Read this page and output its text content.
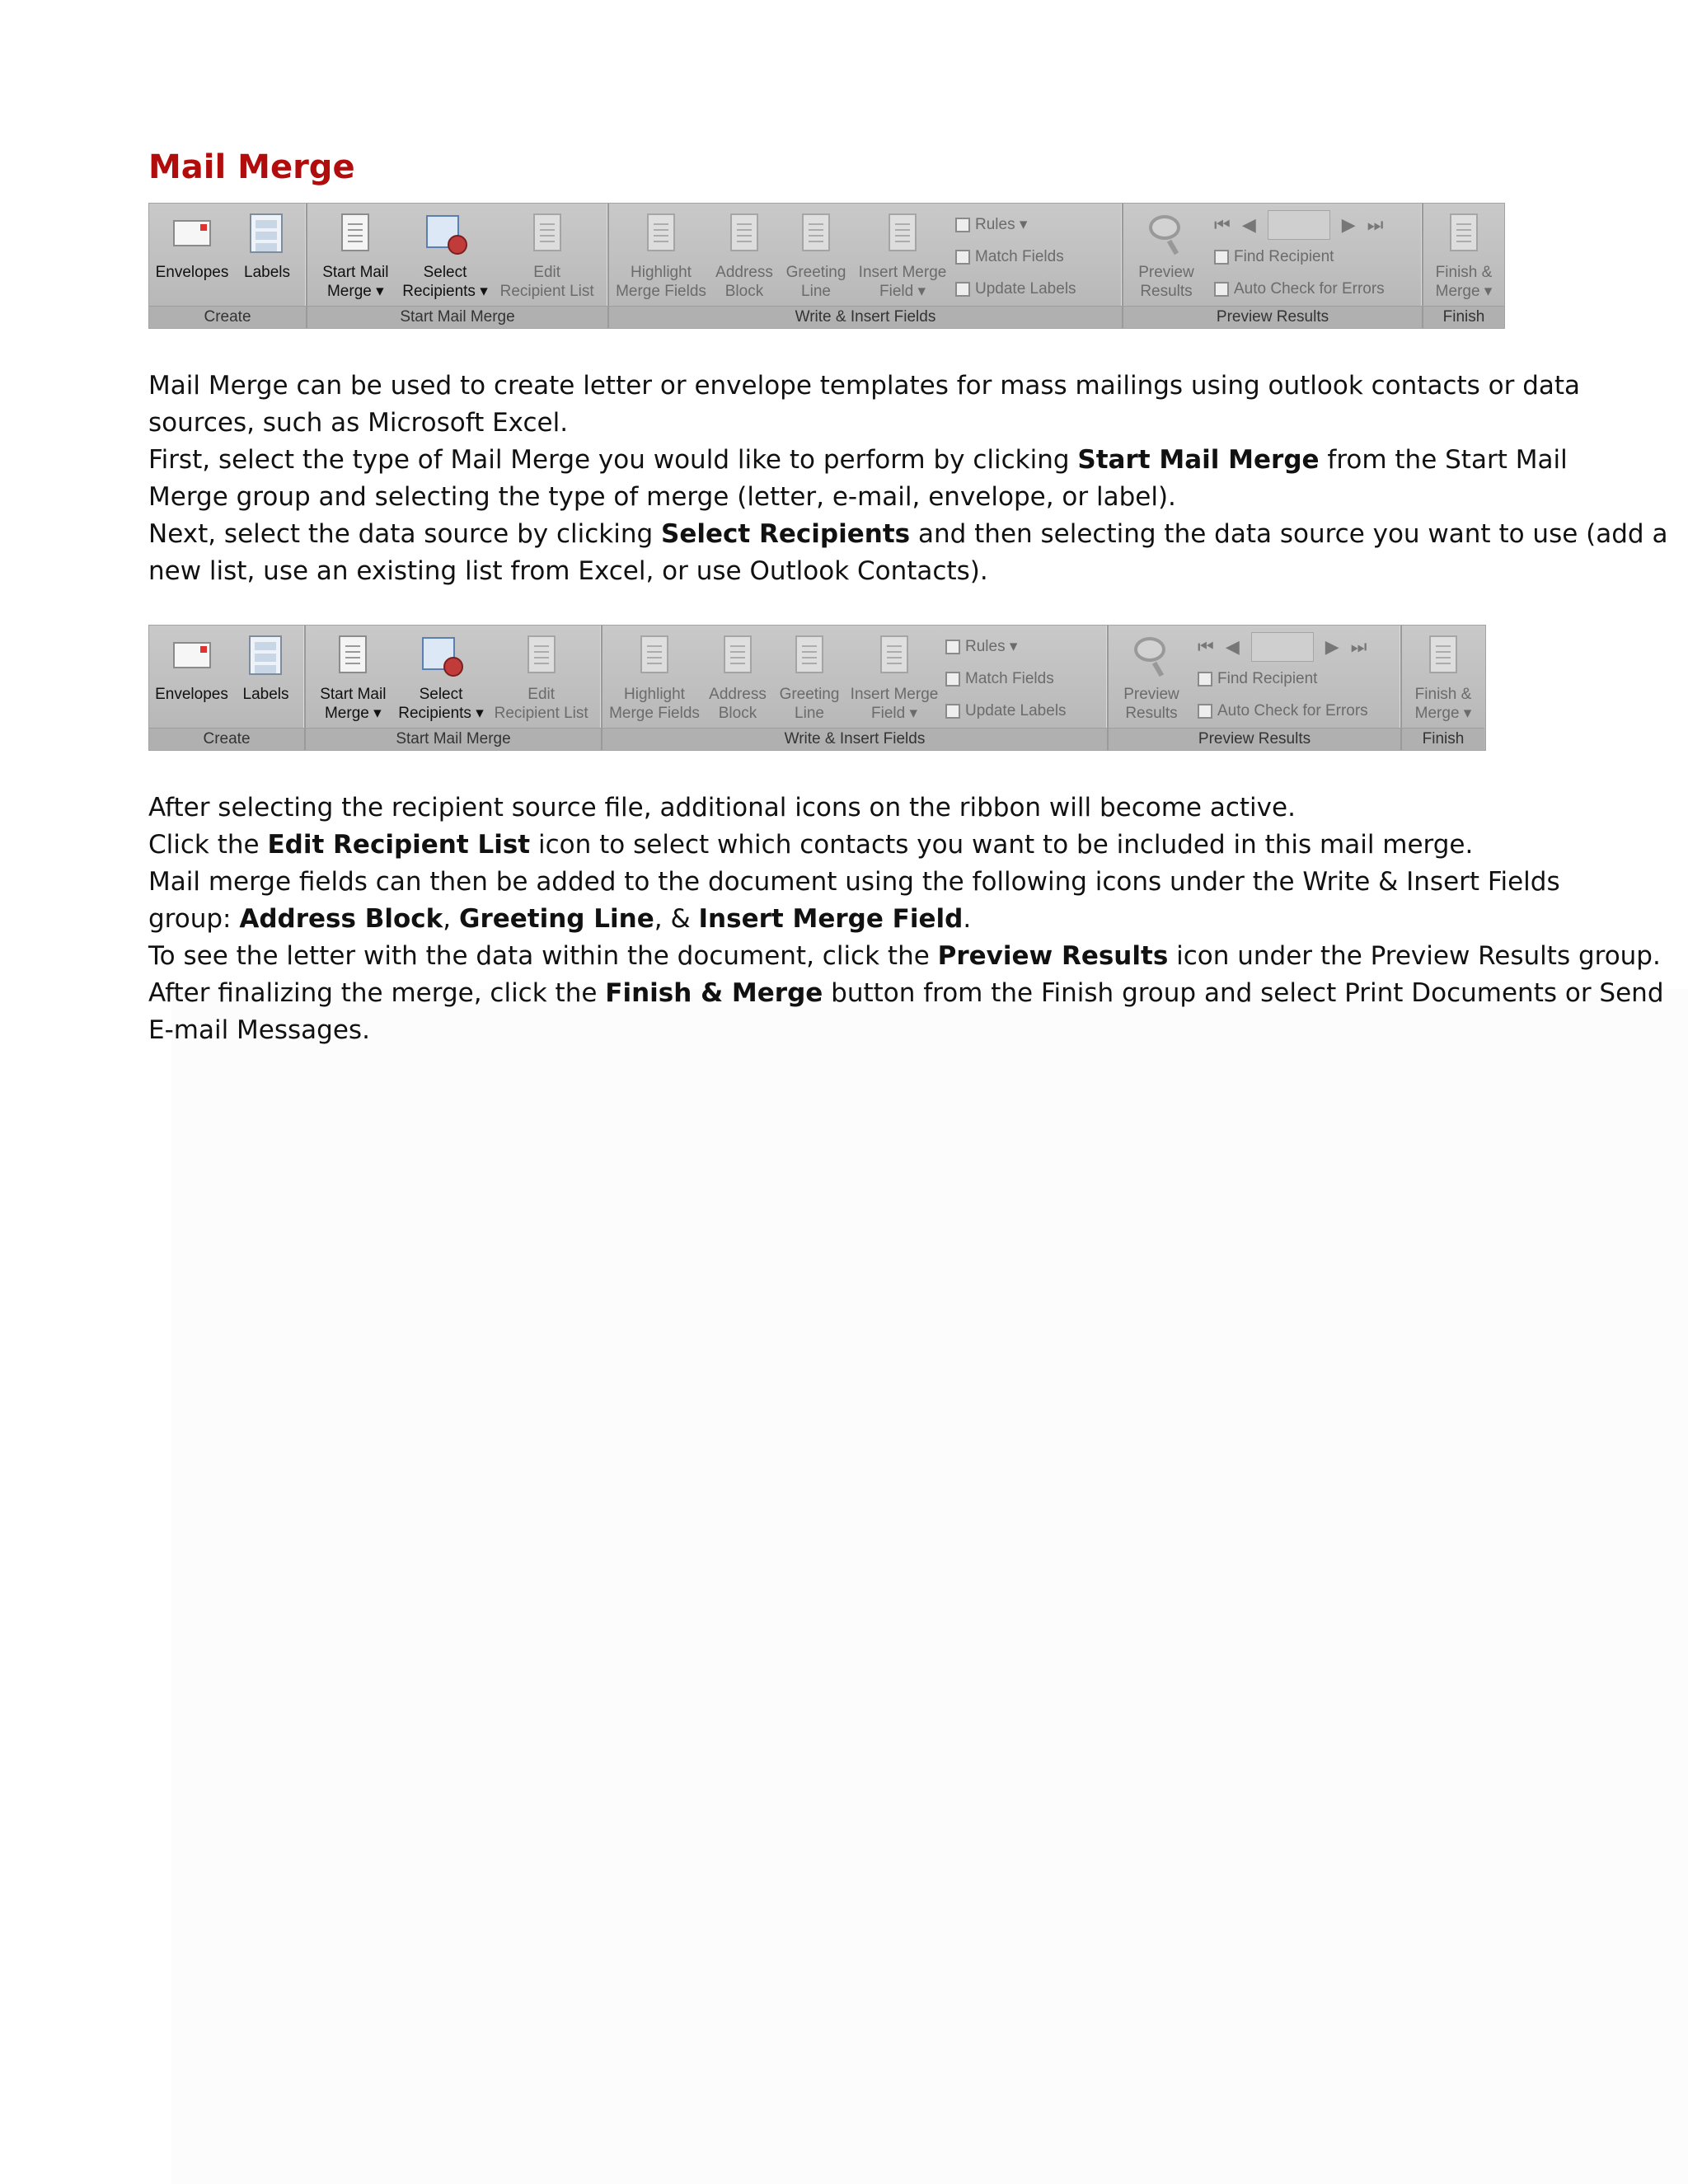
Mail Merge
Envelopes Labels
Create
Start Mail
Merge ▾
Select
Recipients ▾
Edit
Recipient List
Start Mail Merge
Highlight
Merge Fields
Address
Block
Greeting
Line
Insert Merge
Field ▾
Rules ▾
Match Fields
Update Labels
Write & Insert Fields
Preview
Results
⏮ ◀	▶ ⏭
Find Recipient
Auto Check for Errors
Preview Results
Finish &
Merge ▾
Finish
Mail Merge can be used to create letter or envelope templates for mass mailings using outlook contacts or data
sources, such as Microsoft Excel.
First, select the type of Mail Merge you would like to perform by clicking Start Mail Merge from the Start Mail
Merge group and selecting the type of merge (letter, e-mail, envelope, or label).
Next, select the data source by clicking Select Recipients and then selecting the data source you want to use (add a
new list, use an existing list from Excel, or use Outlook Contacts).
Envelopes Labels
Create
Start Mail
Merge ▾
Select
Recipients ▾
Edit
Recipient List
Start Mail Merge
Highlight
Merge Fields
Address
Block
Greeting
Line
Insert Merge
Field ▾
Rules ▾
Match Fields
Update Labels
Write & Insert Fields
Preview
Results
⏮ ◀	▶ ⏭
Find Recipient
Auto Check for Errors
Preview Results
Finish &
Merge ▾
Finish
After selecting the recipient source file, additional icons on the ribbon will become active.
Click the Edit Recipient List icon to select which contacts you want to be included in this mail merge.
Mail merge fields can then be added to the document using the following icons under the Write & Insert Fields
group: Address Block, Greeting Line, & Insert Merge Field.
To see the letter with the data within the document, click the Preview Results icon under the Preview Results group.
After finalizing the merge, click the Finish & Merge button from the Finish group and select Print Documents or Send
E-mail Messages.
